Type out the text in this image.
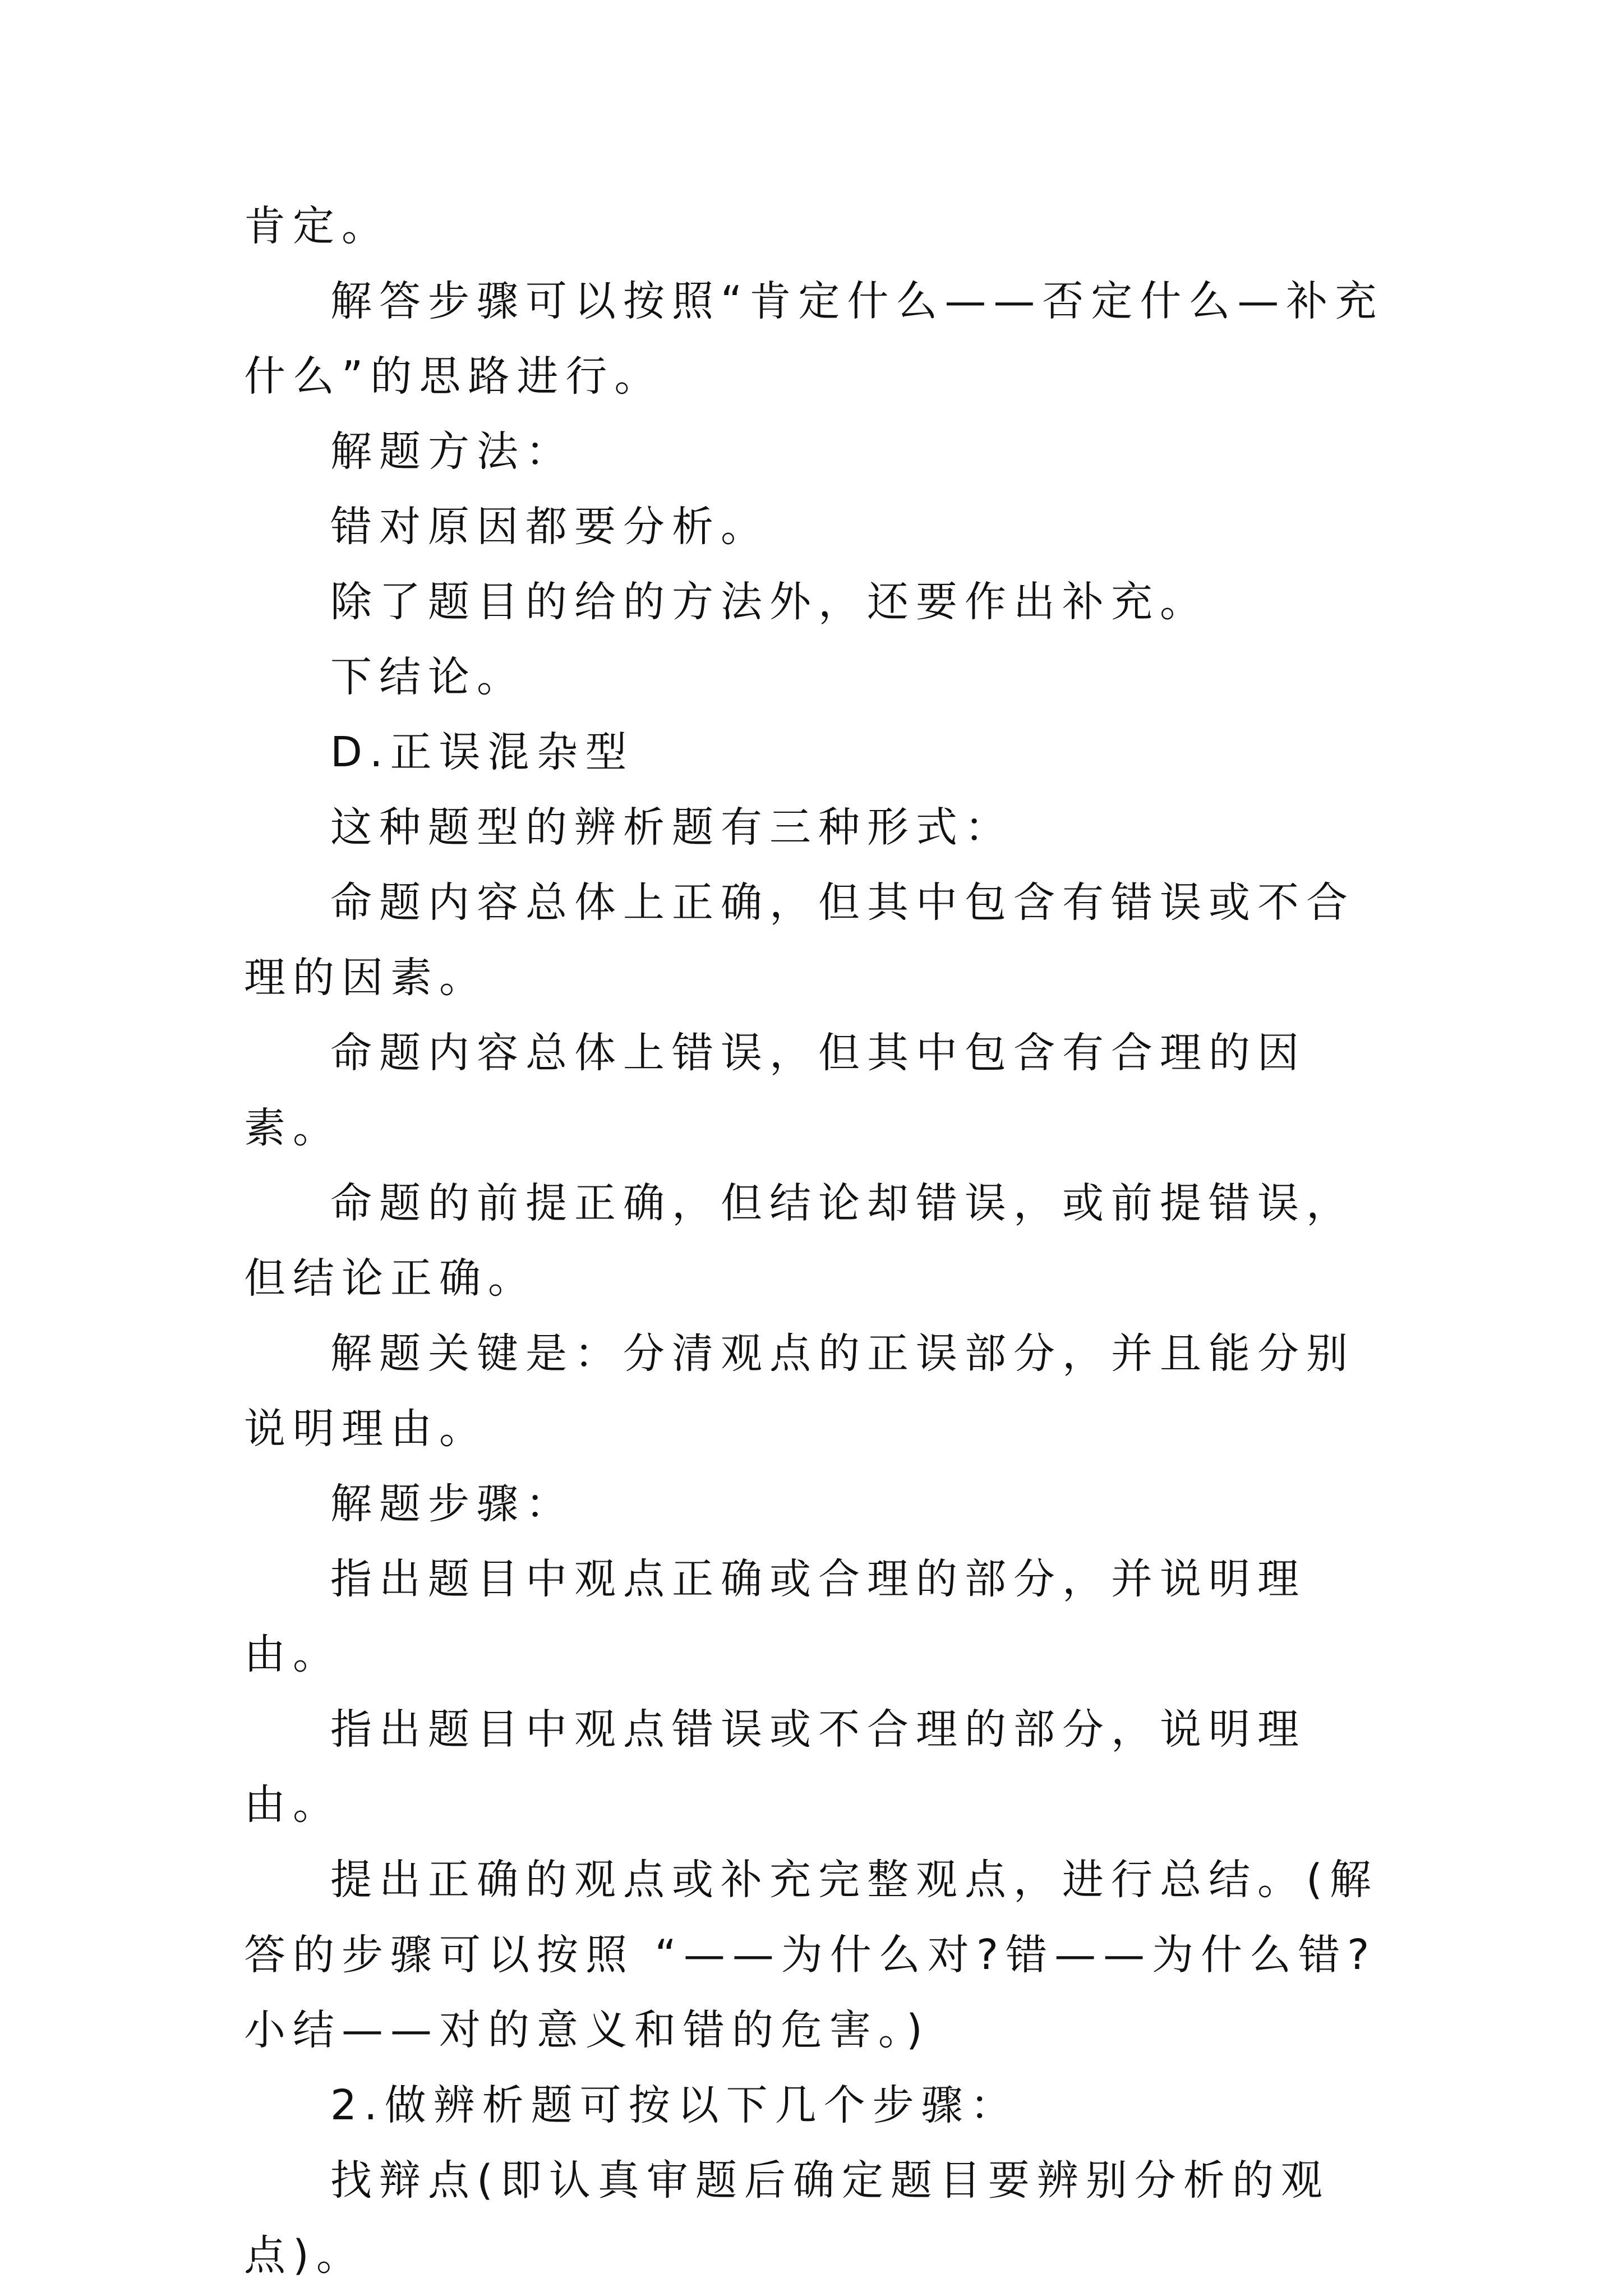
肯定。

解答步骤可以按照“肯定什么——否定什么—补充什么”的思路进行。

解题方法：

错对原因都要分析。

除了题目的给的方法外，还要作出补充。

下结论。

D.正误混杂型

这种题型的辨析题有三种形式：

命题内容总体上正确，但其中包含有错误或不合理的因素。

命题内容总体上错误，但其中包含有合理的因素。

命题的前提正确，但结论却错误，或前提错误，但结论正确。

解题关键是：分清观点的正误部分，并且能分别说明理由。

解题步骤：

指出题目中观点正确或合理的部分，并说明理由。

指出题目中观点错误或不合理的部分，说明理由。

提出正确的观点或补充完整观点，进行总结。(解答的步骤可以按照 “——为什么对?错——为什么错?小结——对的意义和错的危害。)

2.做辨析题可按以下几个步骤：

找辩点(即认真审题后确定题目要辨别分析的观点)。
